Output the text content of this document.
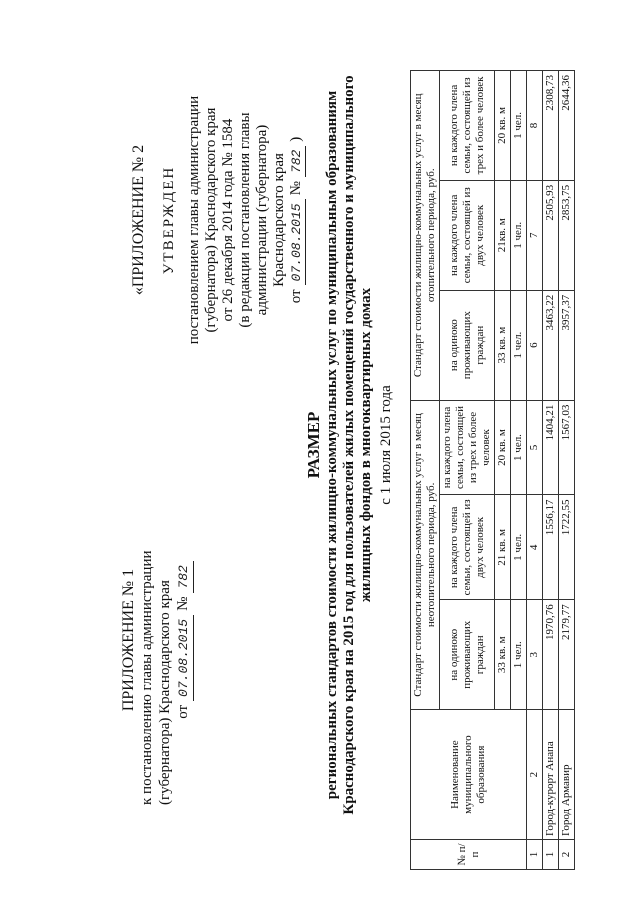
ПРИЛОЖЕНИЕ № 1 к постановлению главы администрации (губернатора) Краснодарского края от
07.08.2015
№
782
«ПРИЛОЖЕНИЕ № 2 УТВЕРЖДЕН постановлением главы администрации (губернатора) Краснодарского края от 26 декабря 2014 года № 1584 (в редакции постановления главы администрации (губернатора) Краснодарского края
от
07.08.2015
№
782
)
РАЗМЕР региональных стандартов стоимости жилищно-коммунальных услуг по муниципальным образованиям Краснодарского края на 2015 год для пользователей жилых помещений государственного и муниципального жилищных фондов в многоквартирных домах с 1 июля 2015 года
№ п/п	Наименование муниципального образования	Стандарт стоимости жилищно-коммунальных услуг в месяц неотопительного периода, руб.			Стандарт стоимости жилищно-коммунальных услуг в месяц отопительного периода, руб.		
		на одиноко проживающих граждан	на каждого члена семьи, состоящей из двух человек	на каждого члена семьи, состоящей из трех и более человек	на одиноко проживающих граждан	на каждого члена семьи, состоящей из двух человек	на каждого члена семьи, состоящей из трех и более человек
		33 кв. м	21 кв. м	20 кв. м	33 кв. м	21кв. м	20 кв. м
		1 чел.	1 чел.	1 чел.	1 чел.	1 чел.	1 чел.
1	2	3	4	5	6	7	8
1	Город-курорт Анапа	1970,76	1556,17	1404,21	3463,22	2505,93	2308,73
2	Город Армавир	2179,77	1722,55	1567,03	3957,37	2853,75	2644,36
